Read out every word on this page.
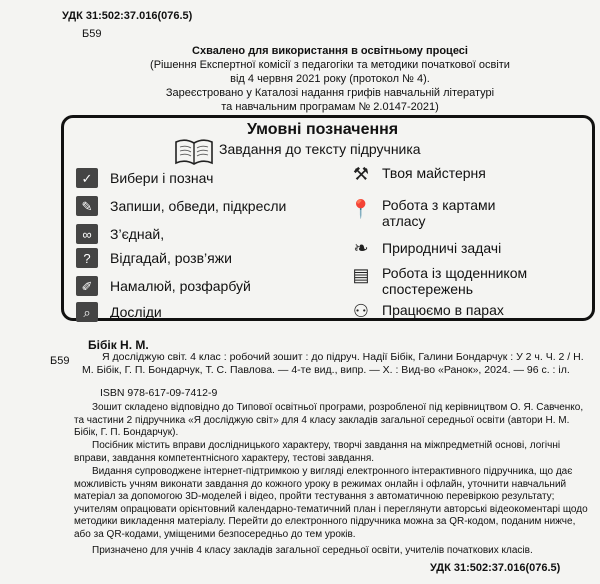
УДК 31:502:37.016(076.5)
Б59
Схвалено для використання в освітньому процесі
(Рішення Експертної комісії з педагогіки та методики початкової освіти
від 4 червня 2021 року (протокол № 4).
Зареєстровано у Каталозі надання грифів навчальній літературі
та навчальним програмам № 2.0147-2021)
Умовні позначення
Завдання до тексту підручника
✓	Вибери і познач
✎	Запиши, обведи, підкресли
∞	З’єднай,
?	Відгадай, розв’яжи
✐	Намалюй, розфарбуй
⌕	Досліди
⚒ Твоя майстерня
📍 Робота з картами
атласу
❧ Природничі задачі
▤ Робота із щоденником
спостережень
⚇ Працюємо в парах
Бібік Н. М.
Б59	Я досліджую світ. 4 клас : робочий зошит : до підруч. Надії Бібік, Галини Бондарчук : У 2 ч. Ч. 2 / Н. М. Бібік, Г. П. Бондарчук, Т. С. Павлова. — 4-те вид., випр. — Х. : Вид-во «Ранок», 2024. — 96 с. : іл.
ISBN 978-617-09-7412-9
Зошит складено відповідно до Типової освітньої програми, розробленої під керівництвом О. Я. Савченко, та частини 2 підручника «Я досліджую світ» для 4 класу закладів загальної середньої освіти (автори Н. М. Бібік, Г. П. Бондарчук).
Посібник містить вправи дослідницького характеру, творчі завдання на міжпредметній основі, логічні вправи, завдання компетентнісного характеру, тестові завдання.
Видання супроводжене інтернет-підтримкою у вигляді електронного інтерактивного підручника, що дає можливість учням виконати завдання до кожного уроку в режимах онлайн і офлайн, уточнити навчальний матеріал за допомогою 3D-моделей і відео, пройти тестування з автоматичною перевіркою результату; учителям опрацювати орієнтовний календарно-тематичний план і переглянути авторські відеокоментарі щодо методики викладення матеріалу. Перейти до електронного підручника можна за QR-кодом, поданим нижче, або за QR-кодами, уміщеними безпосередньо до тем уроків.
Призначено для учнів 4 класу закладів загальної середньої освіти, учителів початкових класів.
УДК 31:502:37.016(076.5)
